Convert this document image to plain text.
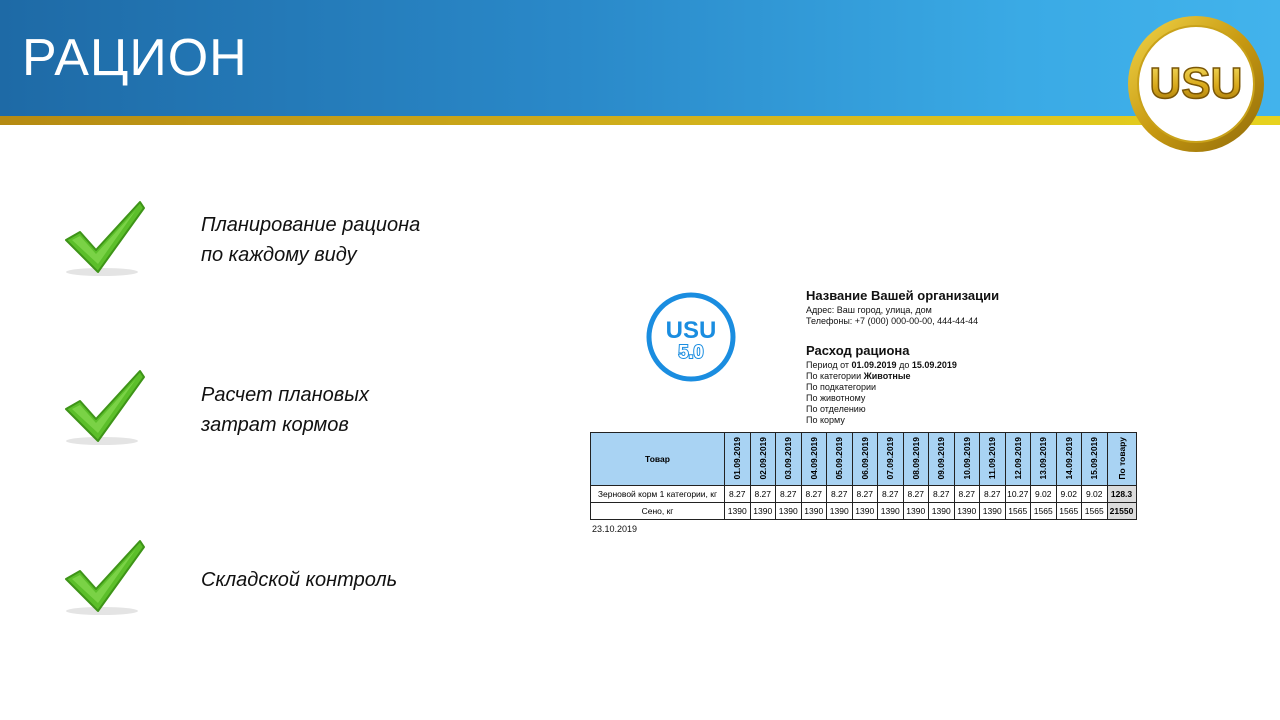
РАЦИОН	USU
Планирование рациона
по каждому виду
Расчет плановых
затрат кормов
Складской контроль
USU
5.0
Название Вашей организации
Адрес: Ваш город, улица, дом
Телефоны: +7 (000) 000-00-00, 444-44-44
Расход рациона
Период от 01.09.2019 до 15.09.2019
По категории Животные
По подкатегории
По животному
По отделению
По корму
Товар	01.09.2019	02.09.2019	03.09.2019	04.09.2019	05.09.2019	06.09.2019	07.09.2019	08.09.2019	09.09.2019	10.09.2019	11.09.2019	12.09.2019	13.09.2019	14.09.2019	15.09.2019	По товару
Зерновой корм 1 категории, кг	8.27	8.27	8.27	8.27	8.27	8.27	8.27	8.27	8.27	8.27	8.27	10.27	9.02	9.02	9.02	128.3
Сено, кг	1390	1390	1390	1390	1390	1390	1390	1390	1390	1390	1390	1565	1565	1565	1565	21550
23.10.2019
